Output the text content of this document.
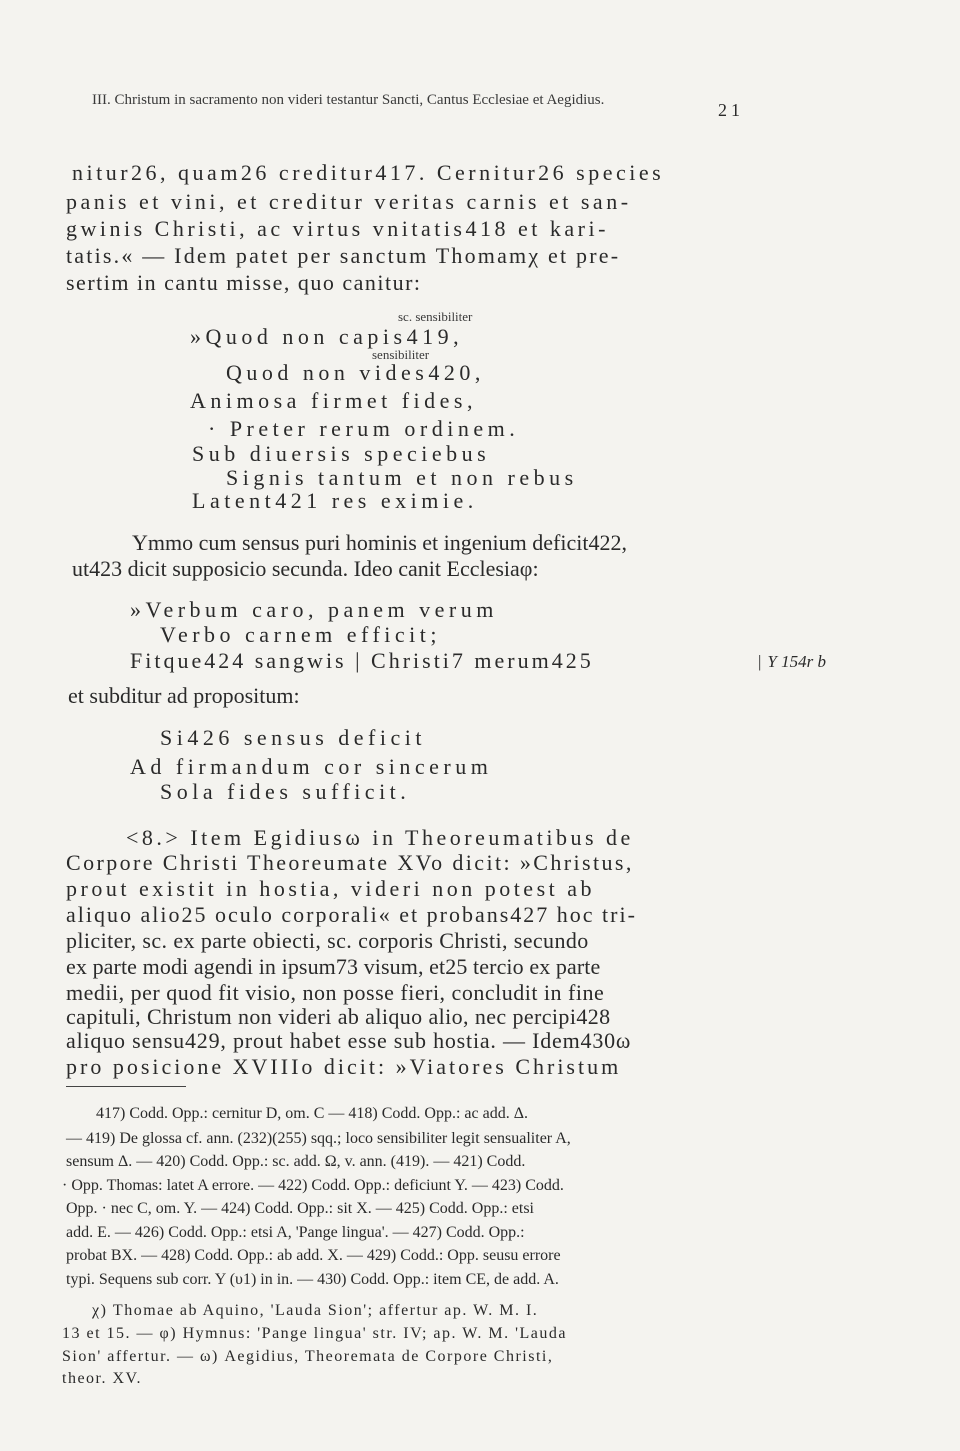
III. Christum in sacramento non videri testantur Sancti, Cantus Ecclesiae et Aegidius.	21
nitur26, quam26 creditur417. Cernitur26 species
panis et vini, et creditur veritas carnis et san-
gwinis Christi, ac virtus vnitatis418 et kari-
tatis.« — Idem patet per sanctum Thomamχ et pre-
sertim in cantu misse, quo canitur:
sc. sensibiliter
»Quod non capis419,
sensibiliter
Quod non vides420,
Animosa firmet fides,
· Preter rerum ordinem.
Sub diuersis speciebus
Signis tantum et non rebus
Latent421 res eximie.
Ymmo cum sensus puri hominis et ingenium deficit422,
ut423 dicit supposicio secunda. Ideo canit Ecclesiaφ:
»Verbum caro, panem verum
Verbo carnem efficit;
Fitque424 sangwis | Christi7 merum425	| Y 154r b
et subditur ad propositum:
Si426 sensus deficit
Ad firmandum cor sincerum
Sola fides sufficit.
<8.> Item Egidiusω in Theoreumatibus de
Corpore Christi Theoreumate XVo dicit: »Christus,
prout existit in hostia, videri non potest ab
aliquo alio25 oculo corporali« et probans427 hoc tri-
pliciter, sc. ex parte obiecti, sc. corporis Christi, secundo
ex parte modi agendi in ipsum73 visum, et25 tercio ex parte
medii, per quod fit visio, non posse fieri, concludit in fine
capituli, Christum non videri ab aliquo alio, nec percipi428
aliquo sensu429, prout habet esse sub hostia. — Idem430ω
pro posicione XVIIIo dicit: »Viatores Christum
417) Codd. Opp.: cernitur D, om. C — 418) Codd. Opp.: ac add. Δ.
— 419) De glossa cf. ann. (232)(255) sqq.; loco sensibiliter legit sensualiter A,
sensum Δ. — 420) Codd. Opp.: sc. add. Ω, v. ann. (419). — 421) Codd.
· Opp. Thomas: latet A errore. — 422) Codd. Opp.: deficiunt Y. — 423) Codd.
Opp. · nec C, om. Y. — 424) Codd. Opp.: sit X. — 425) Codd. Opp.: etsi
add. E. — 426) Codd. Opp.: etsi A, 'Pange lingua'. — 427) Codd. Opp.:
probat BX. — 428) Codd. Opp.: ab add. X. — 429) Codd.: Opp. seusu errore
typi. Sequens sub corr. Y (υ1) in in. — 430) Codd. Opp.: item CE, de add. A.
χ) Thomae ab Aquino, 'Lauda Sion'; affertur ap. W. M. I.
13 et 15. — φ) Hymnus: 'Pange lingua' str. IV; ap. W. M. 'Lauda
Sion' affertur. — ω) Aegidius, Theoremata de Corpore Christi,
theor. XV.
